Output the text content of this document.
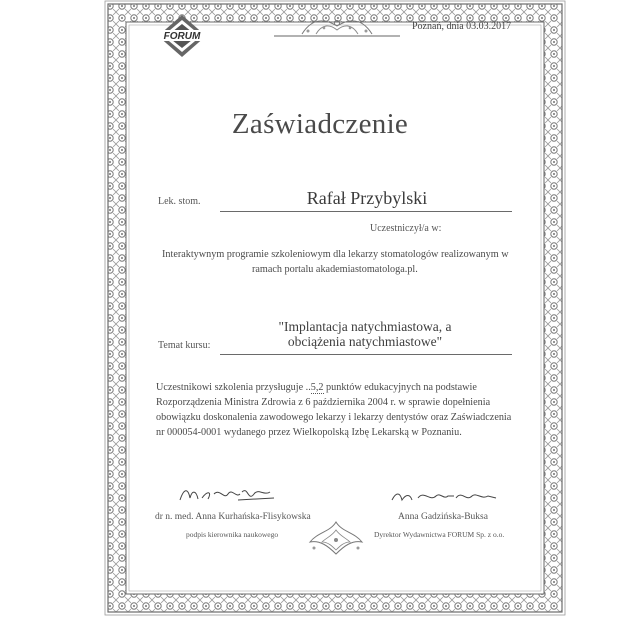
FORUM
Poznań, dnia 03.03.2017
Zaświadczenie
Lek. stom.	Rafał Przybylski
Uczestniczył/a w:
Interaktywnym programie szkoleniowym dla lekarzy stomatologów realizowanym w
ramach portalu akademiastomatologa.pl.
"Implantacja natychmiastowa, a
obciążenia natychmiastowe"
Temat kursu:
Uczestnikowi szkolenia przysługuje ..5,2 punktów edukacyjnych na podstawie
Rozporządzenia Ministra Zdrowia z 6 października 2004 r. w sprawie dopełnienia
obowiązku doskonalenia zawodowego lekarzy i lekarzy dentystów oraz Zaświadczenia
nr 000054-0001 wydanego przez Wielkopolską Izbę Lekarską w Poznaniu.
dr n. med. Anna Kurhańska-Flisykowska
podpis kierownika naukowego
Anna Gadzińska-Buksa
Dyrektor Wydawnictwa FORUM Sp. z o.o.
